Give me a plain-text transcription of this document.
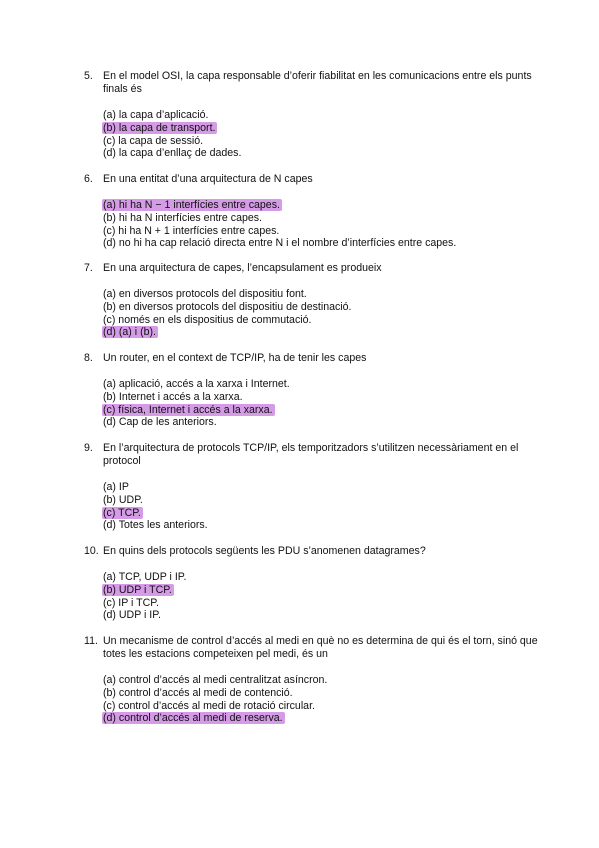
5. En el model OSI, la capa responsable d’oferir fiabilitat en les comunicacions entre els punts finals és
(a) la capa d’aplicació.
(b) la capa de transport.
(c) la capa de sessió.
(d) la capa d’enllaç de dades.
6. En una entitat d’una arquitectura de N capes
(a) hi ha N − 1 interfícies entre capes.
(b) hi ha N interfícies entre capes.
(c) hi ha N + 1 interfícies entre capes.
(d) no hi ha cap relació directa entre N i el nombre d’interfícies entre capes.
7. En una arquitectura de capes, l’encapsulament es produeix
(a) en diversos protocols del dispositiu font.
(b) en diversos protocols del dispositiu de destinació.
(c) només en els dispositius de commutació.
(d) (a) i (b).
8. Un router, en el context de TCP/IP, ha de tenir les capes
(a) aplicació, accés a la xarxa i Internet.
(b) Internet i accés a la xarxa.
(c) física, Internet i accés a la xarxa.
(d) Cap de les anteriors.
9. En l’arquitectura de protocols TCP/IP, els temporitzadors s’utilitzen necessàriament en el protocol
(a) IP
(b) UDP.
(c) TCP.
(d) Totes les anteriors.
10. En quins dels protocols següents les PDU s’anomenen datagrames?
(a) TCP, UDP i IP.
(b) UDP i TCP.
(c) IP i TCP.
(d) UDP i IP.
11. Un mecanisme de control d’accés al medi en què no es determina de qui és el torn, sinó que totes les estacions competeixen pel medi, és un
(a) control d’accés al medi centralitzat asíncron.
(b) control d’accés al medi de contenció.
(c) control d’accés al medi de rotació circular.
(d) control d’accés al medi de reserva.
